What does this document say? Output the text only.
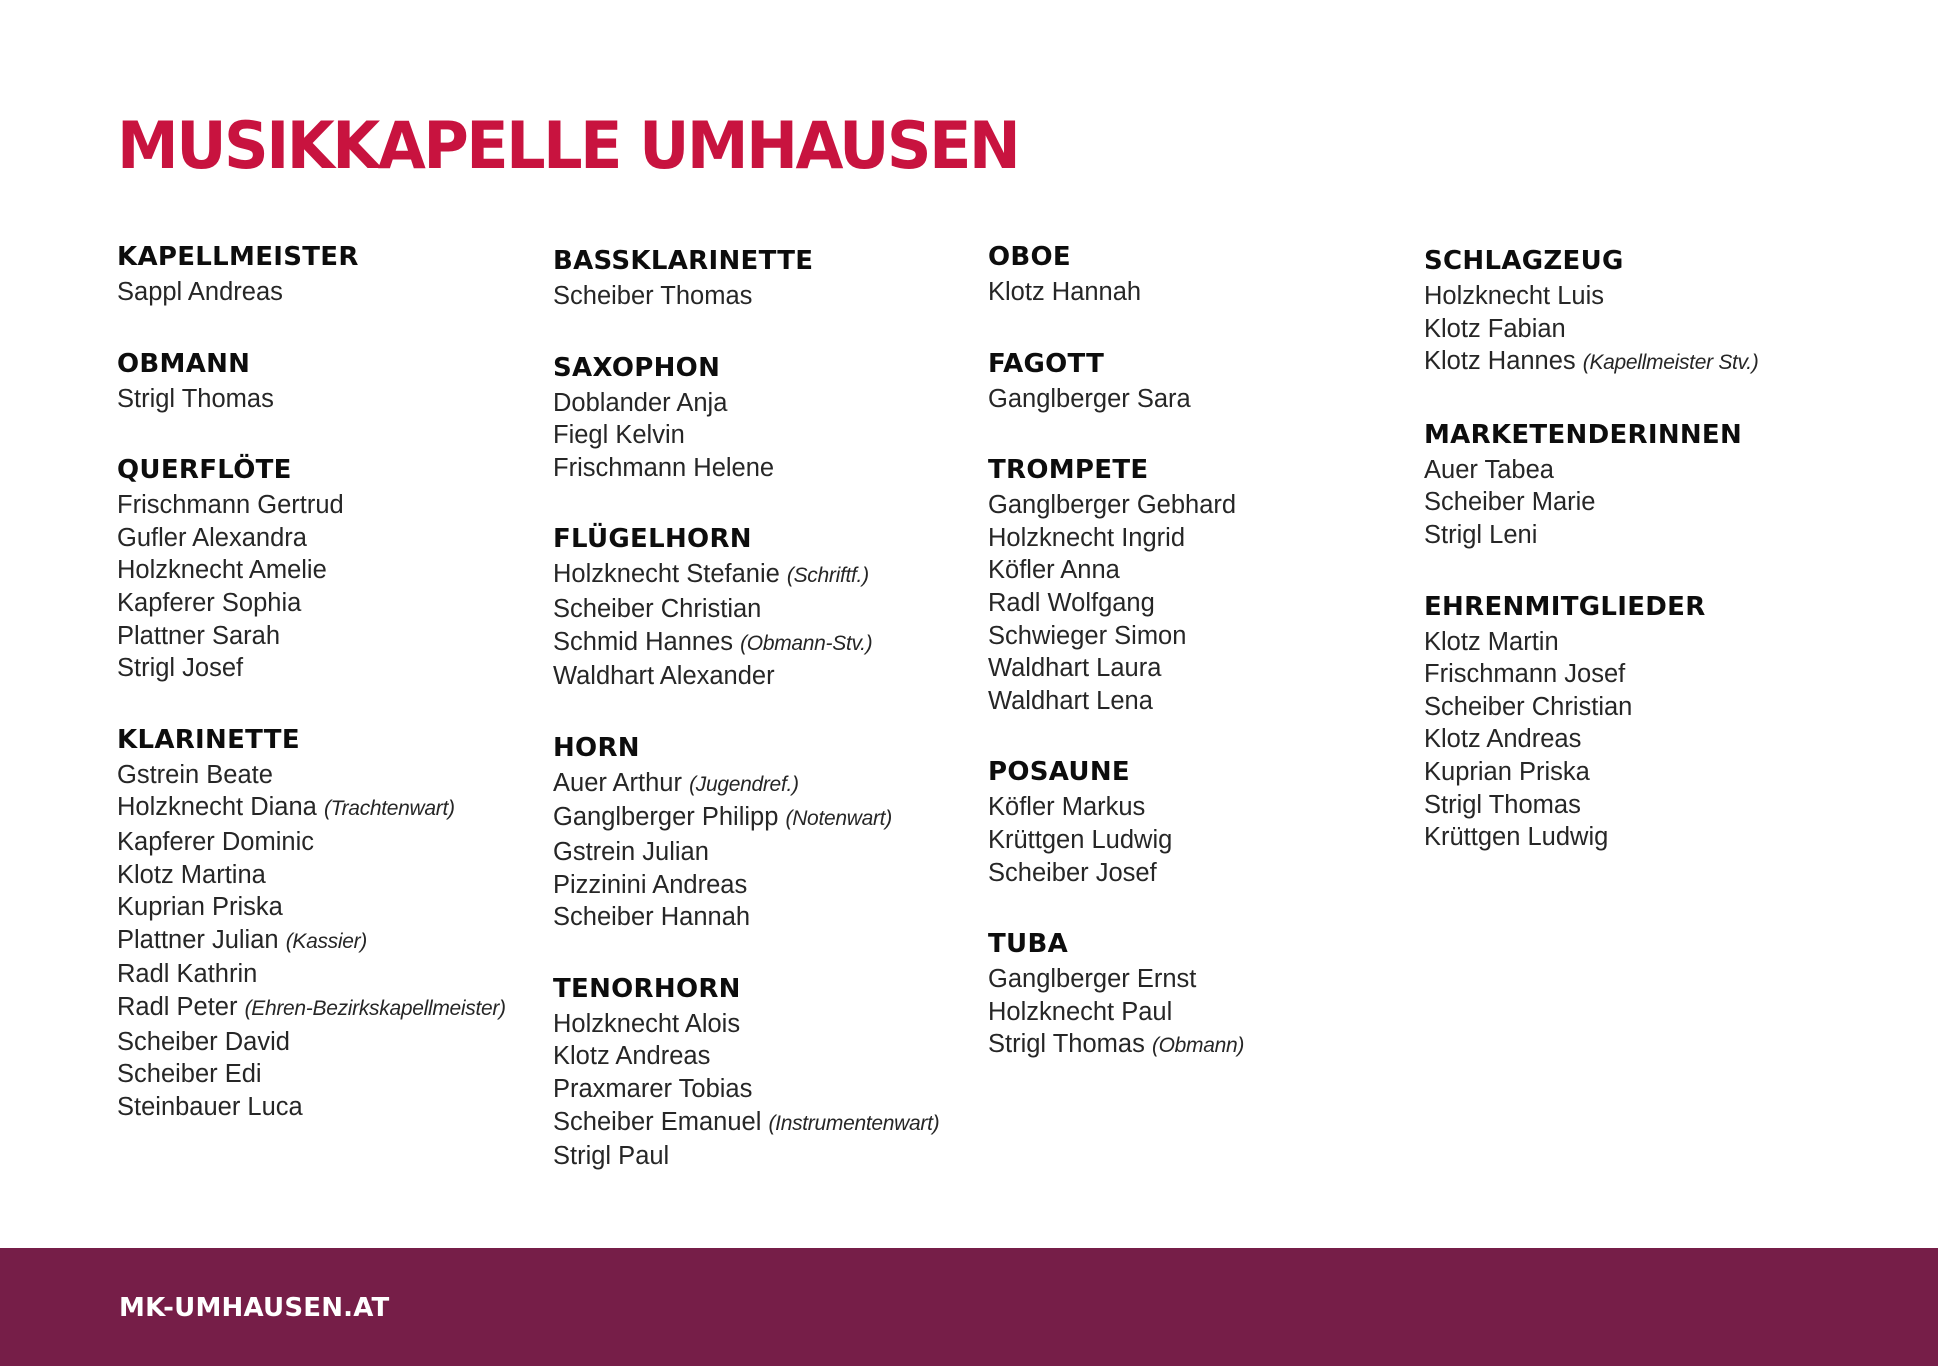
MUSIKKAPELLE UMHAUSEN
KAPELLMEISTER
Sappl Andreas
OBMANN
Strigl Thomas
QUERFLÖTE
Frischmann Gertrud
Gufler Alexandra
Holzknecht Amelie
Kapferer Sophia
Plattner Sarah
Strigl Josef
KLARINETTE
Gstrein Beate
Holzknecht Diana (Trachtenwart)
Kapferer Dominic
Klotz Martina
Kuprian Priska
Plattner Julian (Kassier)
Radl Kathrin
Radl Peter (Ehren-Bezirkskapellmeister)
Scheiber David
Scheiber Edi
Steinbauer Luca
BASSKLARINETTE
Scheiber Thomas
SAXOPHON
Doblander Anja
Fiegl Kelvin
Frischmann Helene
FLÜGELHORN
Holzknecht Stefanie (Schriftf.)
Scheiber Christian
Schmid Hannes (Obmann-Stv.)
Waldhart Alexander
HORN
Auer Arthur (Jugendref.)
Ganglberger Philipp (Notenwart)
Gstrein Julian
Pizzinini Andreas
Scheiber Hannah
TENORHORN
Holzknecht Alois
Klotz Andreas
Praxmarer Tobias
Scheiber Emanuel (Instrumentenwart)
Strigl Paul
OBOE
Klotz Hannah
FAGOTT
Ganglberger Sara
TROMPETE
Ganglberger Gebhard
Holzknecht Ingrid
Köfler Anna
Radl Wolfgang
Schwieger Simon
Waldhart Laura
Waldhart Lena
POSAUNE
Köfler Markus
Krüttgen Ludwig
Scheiber Josef
TUBA
Ganglberger Ernst
Holzknecht Paul
Strigl Thomas (Obmann)
SCHLAGZEUG
Holzknecht Luis
Klotz Fabian
Klotz Hannes (Kapellmeister Stv.)
MARKETENDERINNEN
Auer Tabea
Scheiber Marie
Strigl Leni
EHRENMITGLIEDER
Klotz Martin
Frischmann Josef
Scheiber Christian
Klotz Andreas
Kuprian Priska
Strigl Thomas
Krüttgen Ludwig
MK-UMHAUSEN.AT
